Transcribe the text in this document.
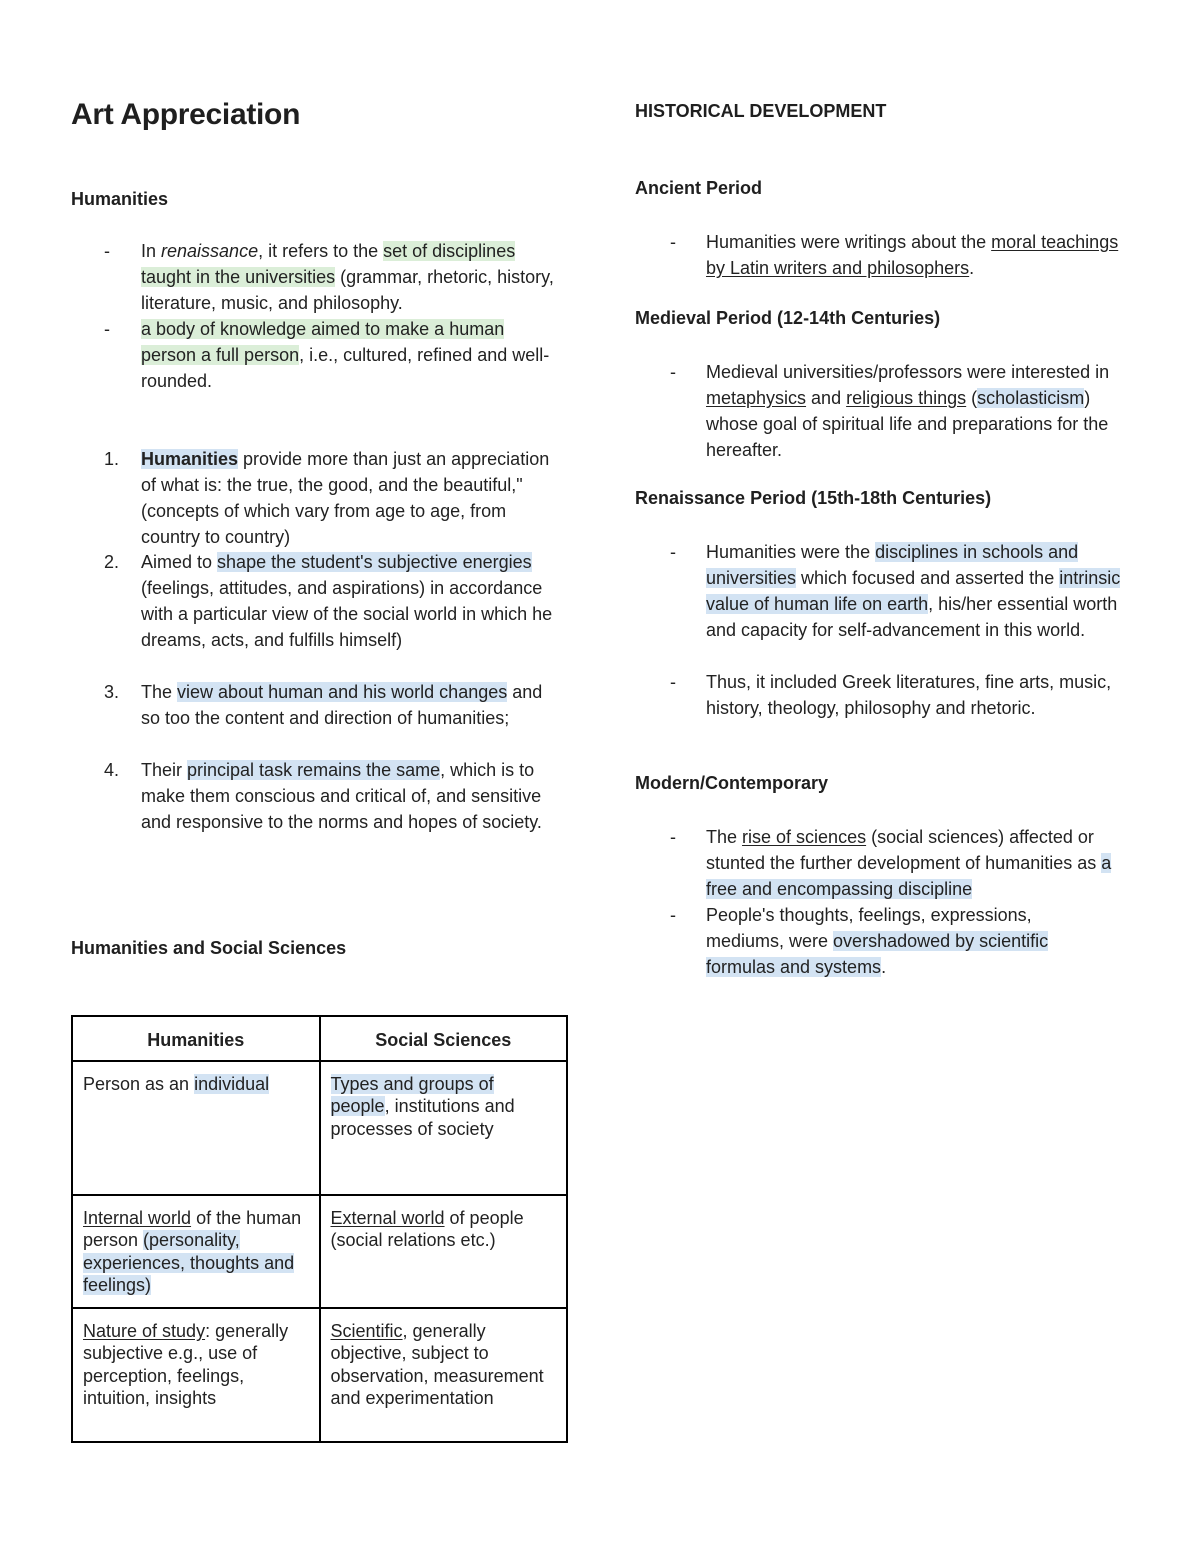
Art Appreciation
Humanities
- In renaissance, it refers to the set of disciplines taught in the universities (grammar, rhetoric, history, literature, music, and philosophy.

- a body of knowledge aimed to make a human person a full person, i.e., cultured, refined and well-rounded.

1. Humanities provide more than just an appreciation of what is: the true, the good, and the beautiful," (concepts of which vary from age to age, from country to country)

2. Aimed to shape the student's subjective energies (feelings, attitudes, and aspirations) in accordance with a particular view of the social world in which he dreams, acts, and fulfills himself)

3. The view about human and his world changes and so too the content and direction of humanities;

4. Their principal task remains the same, which is to make them conscious and critical of, and sensitive and responsive to the norms and hopes of society.

Humanities and Social Sciences
Humanities	Social Sciences
Person as an individual	Types and groups of people, institutions and processes of society
Internal world of the human person (personality, experiences, thoughts and feelings)	External world of people (social relations etc.)
Nature of study: generally subjective e.g., use of perception, feelings, intuition, insights	Scientific, generally objective, subject to observation, measurement and experimentation
HISTORICAL DEVELOPMENT
Ancient Period
- Humanities were writings about the moral teachings by Latin writers and philosophers.

Medieval Period (12-14th Centuries)
- Medieval universities/professors were interested in metaphysics and religious things (scholasticism) whose goal of spiritual life and preparations for the hereafter.

Renaissance Period (15th-18th Centuries)
- Humanities were the disciplines in schools and universities which focused and asserted the intrinsic value of human life on earth, his/her essential worth and capacity for self-advancement in this world.

- Thus, it included Greek literatures, fine arts, music, history, theology, philosophy and rhetoric.

Modern/Contemporary
- The rise of sciences (social sciences) affected or stunted the further development of humanities as a free and encompassing discipline

- People's thoughts, feelings, expressions, mediums, were overshadowed by scientific formulas and systems.
